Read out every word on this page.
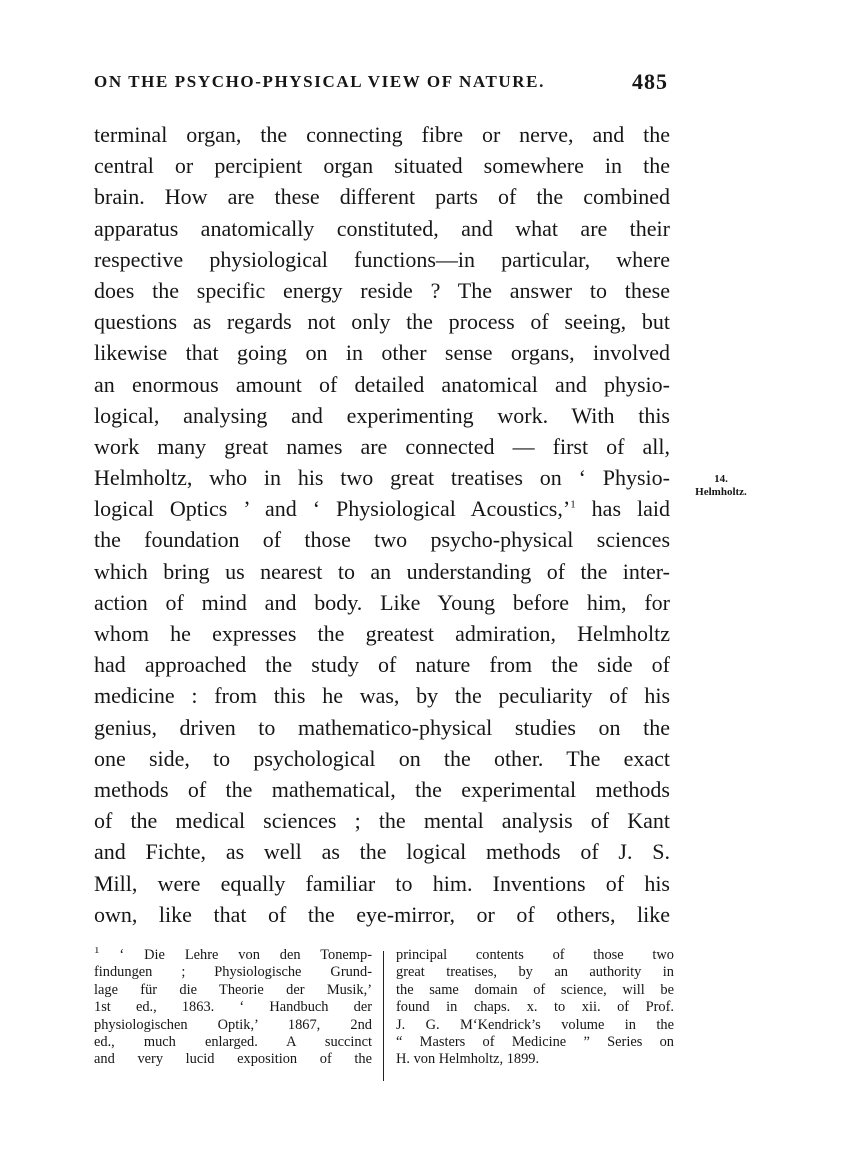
ON THE PSYCHO-PHYSICAL VIEW OF NATURE.	485
terminal organ, the connecting fibre or nerve, and the
central or percipient organ situated somewhere in the
brain. How are these different parts of the combined
apparatus anatomically constituted, and what are their
respective physiological functions—in particular, where
does the specific energy reside ? The answer to these
questions as regards not only the process of seeing, but
likewise that going on in other sense organs, involved
an enormous amount of detailed anatomical and physio-
logical, analysing and experimenting work. With this
work many great names are connected — first of all,
Helmholtz, who in his two great treatises on ‘ Physio-
logical Optics ’ and ‘ Physiological Acoustics,’$^1$ has laid
the foundation of those two psycho-physical sciences
which bring us nearest to an understanding of the inter-
action of mind and body. Like Young before him, for
whom he expresses the greatest admiration, Helmholtz
had approached the study of nature from the side of
medicine : from this he was, by the peculiarity of his
genius, driven to mathematico-physical studies on the
one side, to psychological on the other. The exact
methods of the mathematical, the experimental methods
of the medical sciences ; the mental analysis of Kant
and Fichte, as well as the logical methods of J. S.
Mill, were equally familiar to him. Inventions of his
own, like that of the eye-mirror, or of others, like
14.
Helmholtz.
$^1$ ‘ Die Lehre von den Tonemp-
findungen ; Physiologische Grund-
lage für die Theorie der Musik,’
1st ed., 1863. ‘ Handbuch der
physiologischen Optik,’ 1867, 2nd
ed., much enlarged. A succinct
and very lucid exposition of the
principal contents of those two
great treatises, by an authority in
the same domain of science, will be
found in chaps. x. to xii. of Prof.
J. G. M‘Kendrick’s volume in the
“ Masters of Medicine ” Series on
H. von Helmholtz, 1899.
